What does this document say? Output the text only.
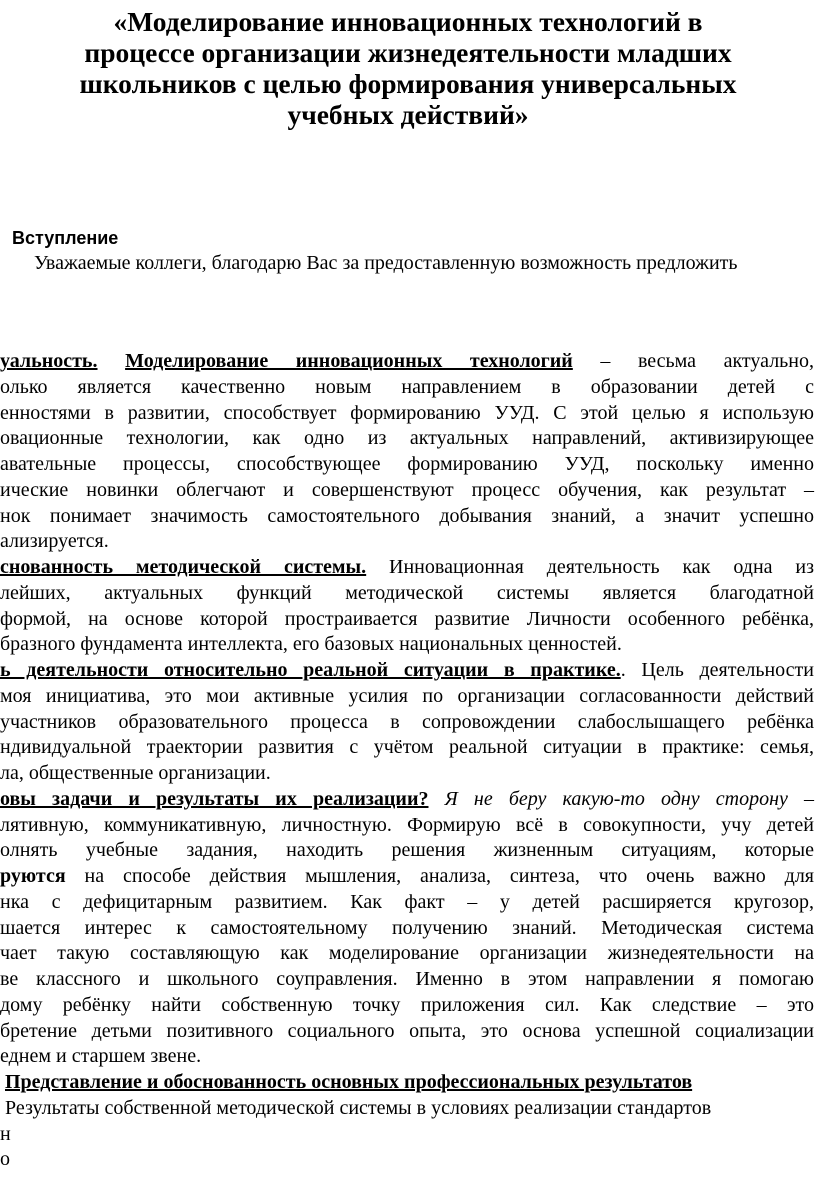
«Моделирование инновационных технологий в
процессе организации жизнедеятельности младших
школьников с целью формирования универсальных
учебных действий»
Вступление
Уважаемые коллеги, благодарю Вас за предоставленную возможность предложить
уальность. Моделирование инновационных технологий – весьма актуально,
олько является качественно новым направлением в образовании детей с
енностями в развитии, способствует формированию УУД. С этой целью я использую
овационные технологии, как одно из актуальных направлений, активизирующее
авательные процессы, способствующее формированию УУД, поскольку именно
ические новинки облегчают и совершенствуют процесс обучения, как результат –
нок понимает значимость самостоятельного добывания знаний, а значит успешно
ализируется.
снованность методической системы. Инновационная деятельность как одна из
лейших, актуальных функций методической системы является благодатной
формой, на основе которой простраивается развитие Личности особенного ребёнка,
бразного фундамента интеллекта, его базовых национальных ценностей.
ь деятельности относительно реальной ситуации в практике.. Цель деятельности
моя инициатива, это мои активные усилия по организации согласованности действий
участников образовательного процесса в сопровождении слабослышащего ребёнка
ндивидуальной траектории развития с учётом реальной ситуации в практике: семья,
ла, общественные организации.
овы задачи и результаты их реализации? Я не беру какую-то одну сторону –
лятивную, коммуникативную, личностную. Формирую всё в совокупности, учу детей
олнять учебные задания, находить решения жизненным ситуациям, которые
руются на способе действия мышления, анализа, синтеза, что очень важно для
нка с дефицитарным развитием. Как факт – у детей расширяется кругозор,
шается интерес к самостоятельному получению знаний. Методическая система
чает такую составляющую как моделирование организации жизнедеятельности на
ве классного и школьного соуправления. Именно в этом направлении я помогаю
дому ребёнку найти собственную точку приложения сил. Как следствие – это
бретение детьми позитивного социального опыта, это основа успешной социализации
еднем и старшем звене.
Представление и обоснованность основных профессиональных результатов
Результаты собственной методической системы в условиях реализации стандартов
н
о
